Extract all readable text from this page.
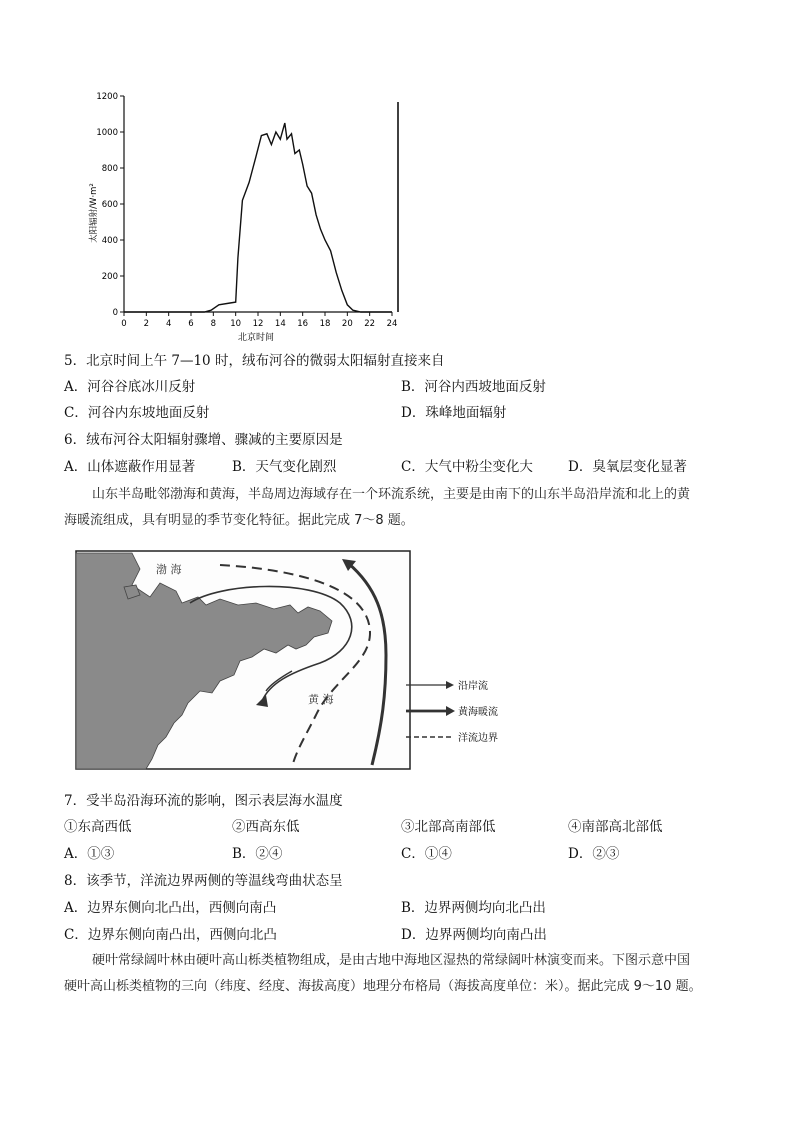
0
200
400
600
800
1000
1200
0 2 4 6 8 10 12 14 16 18 20 22 24
太阳辐射/W·m²
北京时间
5．北京时间上午 7—10 时，绒布河谷的微弱太阳辐射直接来自
A．河谷谷底冰川反射	B．河谷内西坡地面反射
C．河谷内东坡地面反射	D．珠峰地面辐射
6．绒布河谷太阳辐射骤增、骤减的主要原因是
A．山体遮蔽作用显著	B．天气变化剧烈	C．大气中粉尘变化大	D．臭氧层变化显著
山东半岛毗邻渤海和黄海，半岛周边海域存在一个环流系统，主要是由南下的山东半岛沿岸流和北上的黄
海暖流组成，具有明显的季节变化特征。据此完成 7～8 题。
渤 海
黄 海
沿岸流
黄海暖流
洋流边界
7．受半岛沿海环流的影响，图示表层海水温度
①东高西低	②西高东低	③北部高南部低	④南部高北部低
A．①③	B．②④	C．①④	D．②③
8．该季节，洋流边界两侧的等温线弯曲状态呈
A．边界东侧向北凸出，西侧向南凸	B．边界两侧均向北凸出
C．边界东侧向南凸出，西侧向北凸	D．边界两侧均向南凸出
硬叶常绿阔叶林由硬叶高山栎类植物组成，是由古地中海地区湿热的常绿阔叶林演变而来。下图示意中国
硬叶高山栎类植物的三向（纬度、经度、海拔高度）地理分布格局（海拔高度单位：米）。据此完成 9～10 题。
